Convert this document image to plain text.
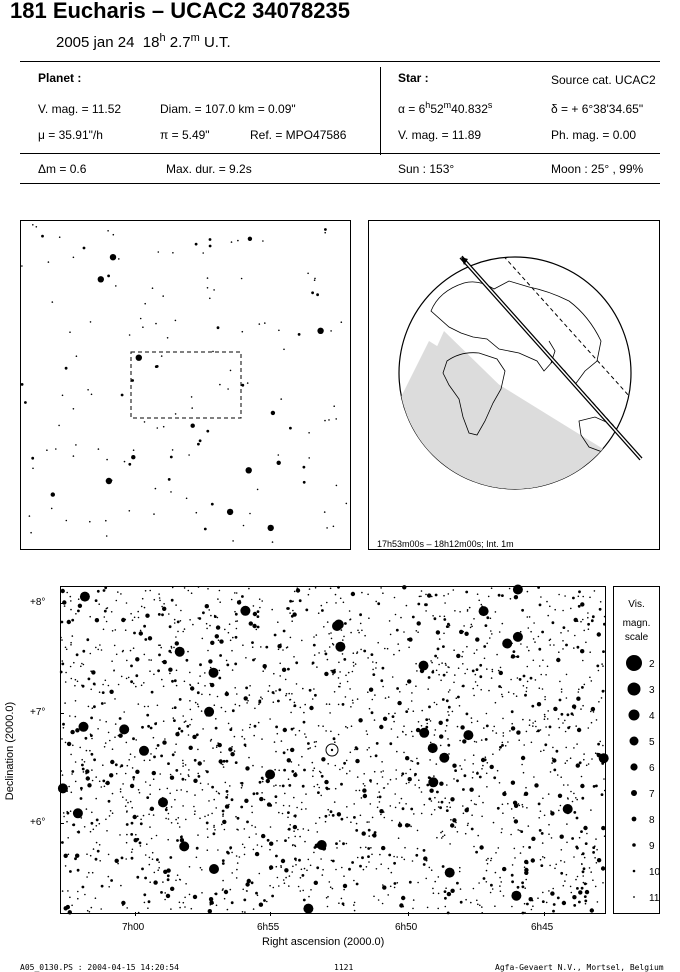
181 Eucharis – UCAC2 34078235
2005 jan 24 18$^h$ 2.7$^m$ U.T.
Planet :
V. mag. = 11.52	Diam. = 107.0 km = 0.09"
μ = 35.91"/h	π = 5.49"	Ref. = MPO47586
Star :	Source cat. UCAC2
$\alpha = 6^h52^m40.832^s$	δ = + 6°38'34.65"
V. mag. = 11.89	Ph. mag. = 0.00
Δm = 0.6	Max. dur. = 9.2s	Sun : 153°	Moon : 25° , 99%
17h53m00s – 18h12m00s; Int. 1m
7h00	6h55	6h50	6h45
+8°
+7°
+6°
Right ascension (2000.0)
Declination (2000.0)
Vis.
magn.
scale
2
3
4
5
6
7
8
9
10
11
A05_0130.PS : 2004-04-15 14:20:54	1121	Agfa-Gevaert N.V., Mortsel, Belgium
